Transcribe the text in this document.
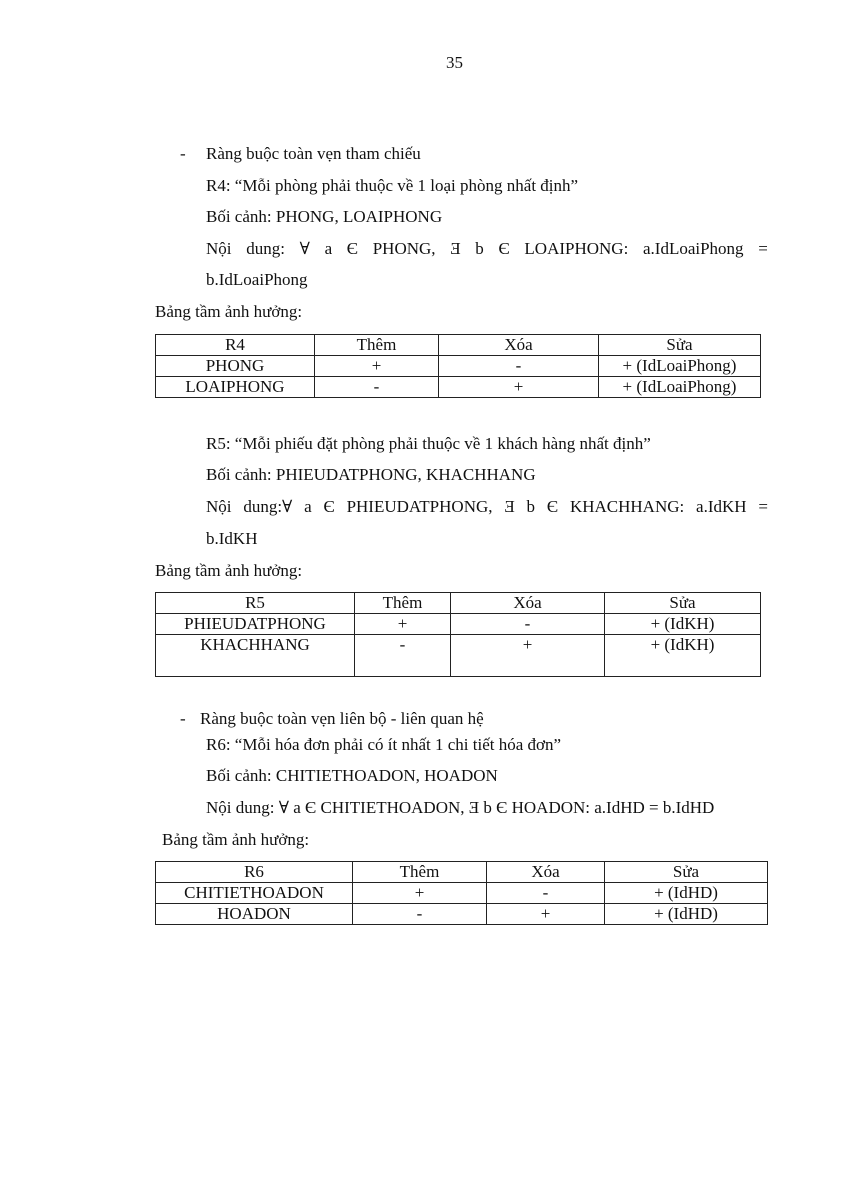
35
- Ràng buộc toàn vẹn tham chiếu
R4: “Mỗi phòng phải thuộc về 1 loại phòng nhất định”
Bối cảnh: PHONG, LOAIPHONG
Nội dung: ∀ a Є PHONG, Ǝ b Є LOAIPHONG: a.IdLoaiPhong =
b.IdLoaiPhong
Bảng tầm ảnh hưởng:
R4	Thêm	Xóa	Sửa
PHONG	+	-	+ (IdLoaiPhong)
LOAIPHONG	-	+	+ (IdLoaiPhong)
R5: “Mỗi phiếu đặt phòng phải thuộc về 1 khách hàng nhất định”
Bối cảnh: PHIEUDATPHONG, KHACHHANG
Nội dung:∀ a Є PHIEUDATPHONG, Ǝ b Є KHACHHANG: a.IdKH =
b.IdKH
Bảng tầm ảnh hưởng:
R5	Thêm	Xóa	Sửa
PHIEUDATPHONG	+	-	+ (IdKH)
KHACHHANG	-	+	+ (IdKH)
- Ràng buộc toàn vẹn liên bộ - liên quan hệ
R6: “Mỗi hóa đơn phải có ít nhất 1 chi tiết hóa đơn”
Bối cảnh: CHITIETHOADON, HOADON
Nội dung: ∀ a Є CHITIETHOADON, Ǝ b Є HOADON: a.IdHD = b.IdHD
Bảng tầm ảnh hưởng:
R6	Thêm	Xóa	Sửa
CHITIETHOADON	+	-	+ (IdHD)
HOADON	-	+	+ (IdHD)
